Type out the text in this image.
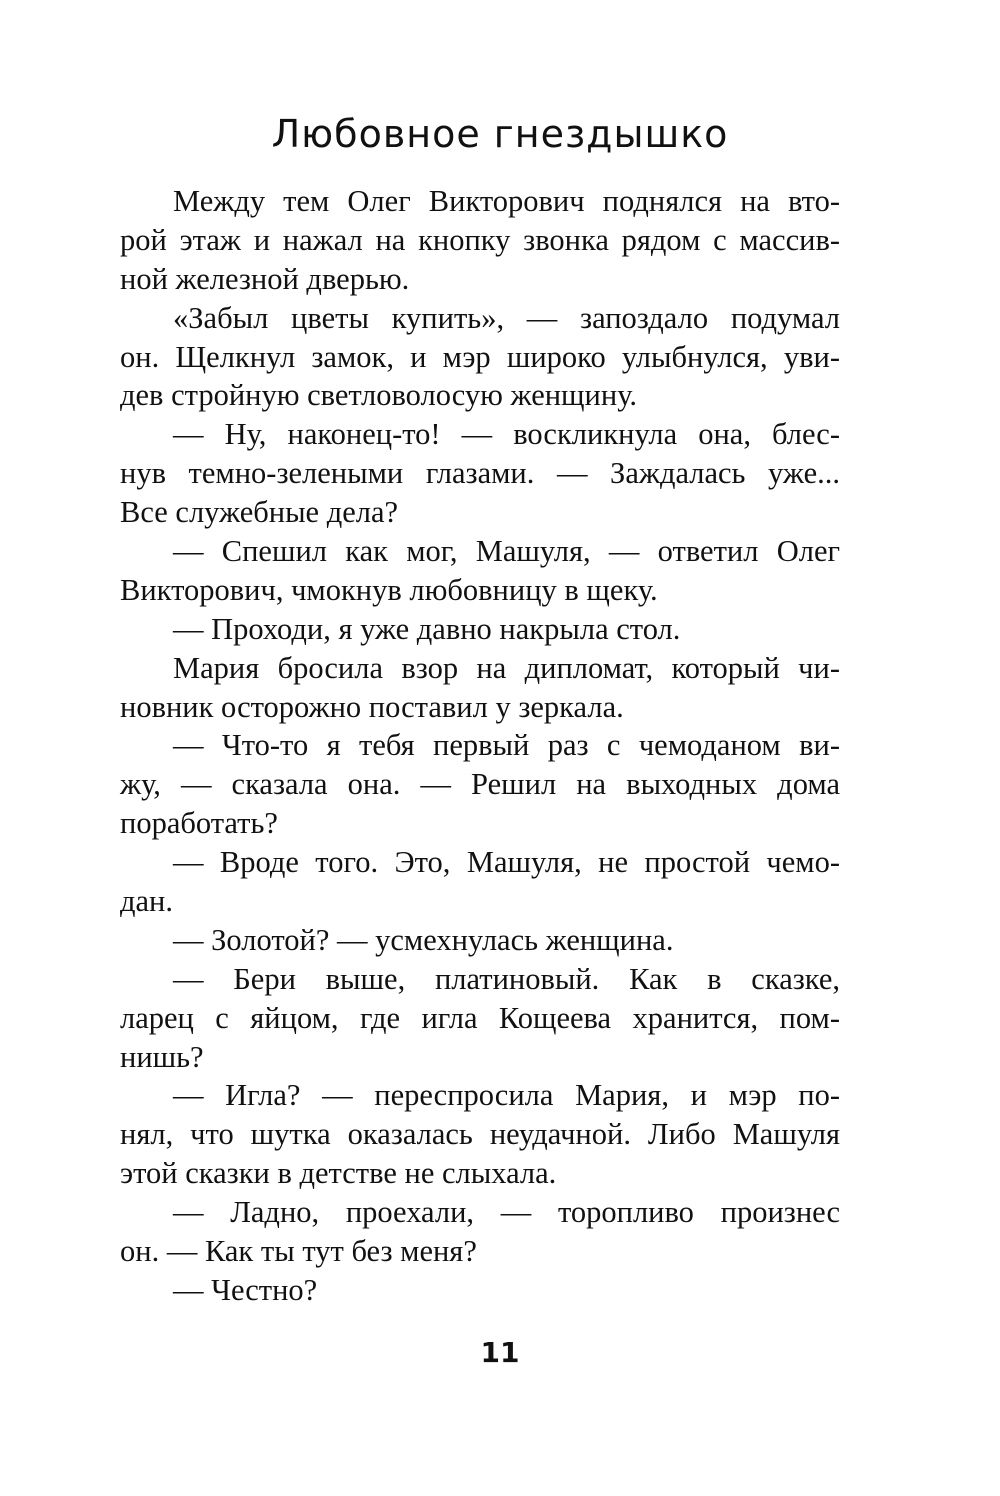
Любовное гнездышко
Между тем Олег Викторович поднялся на вто-
рой этаж и нажал на кнопку звонка рядом с массив-
ной железной дверью.
«Забыл цветы купить», — запоздало подумал
он. Щелкнул замок, и мэр широко улыбнулся, уви-
дев стройную светловолосую женщину.
— Ну, наконец-то! — воскликнула она, блес-
нув темно-зелеными глазами. — Заждалась уже...
Все служебные дела?
— Спешил как мог, Машуля, — ответил Олег
Викторович, чмокнув любовницу в щеку.
— Проходи, я уже давно накрыла стол.
Мария бросила взор на дипломат, который чи-
новник осторожно поставил у зеркала.
— Что-то я тебя первый раз с чемоданом ви-
жу, — сказала она. — Решил на выходных дома
поработать?
— Вроде того. Это, Машуля, не простой чемо-
дан.
— Золотой? — усмехнулась женщина.
— Бери выше, платиновый. Как в сказке,
ларец с яйцом, где игла Кощеева хранится, пом-
нишь?
— Игла? — переспросила Мария, и мэр по-
нял, что шутка оказалась неудачной. Либо Машуля
этой сказки в детстве не слыхала.
— Ладно, проехали, — торопливо произнес
он. — Как ты тут без меня?
— Честно?
11
